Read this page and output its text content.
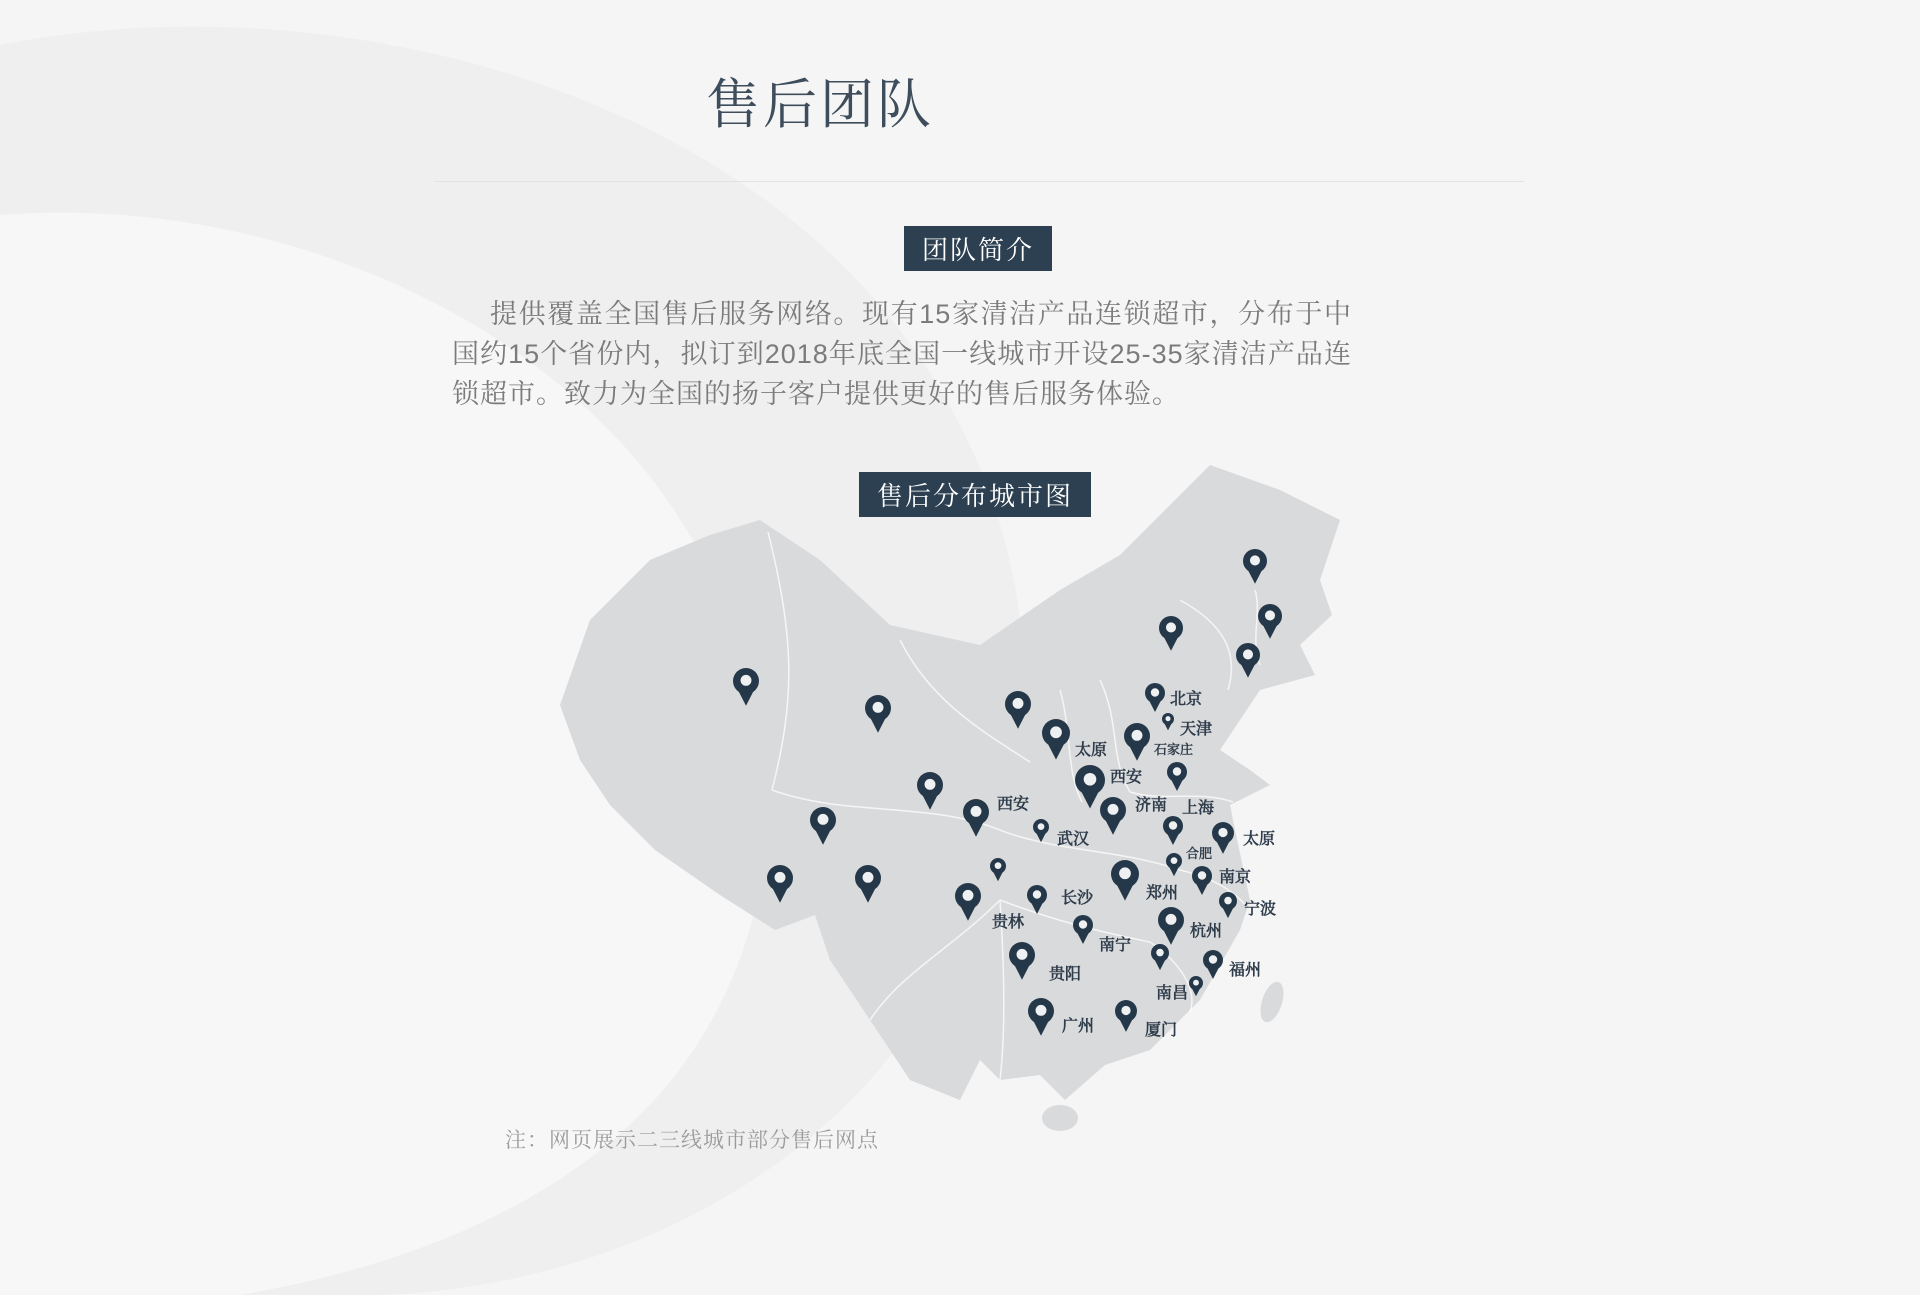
售后团队
团队简介

提供覆盖全国售后服务网络。现有15家清洁产品连锁超市，分布于中国约15个省份内，拟订到2018年底全国一线城市开设25-35家清洁产品连锁超市。致力为全国的扬子客户提供更好的售后服务体验。

售后分布城市图
北京
天津
石家庄
太原
西安
济南 上海
西安
武汉	太原
合肥
南京
郑州
长沙
宁波
贵林
杭州
南宁
贵阳
南昌
福州
广州	厦门
注：网页展示二三线城市部分售后网点
